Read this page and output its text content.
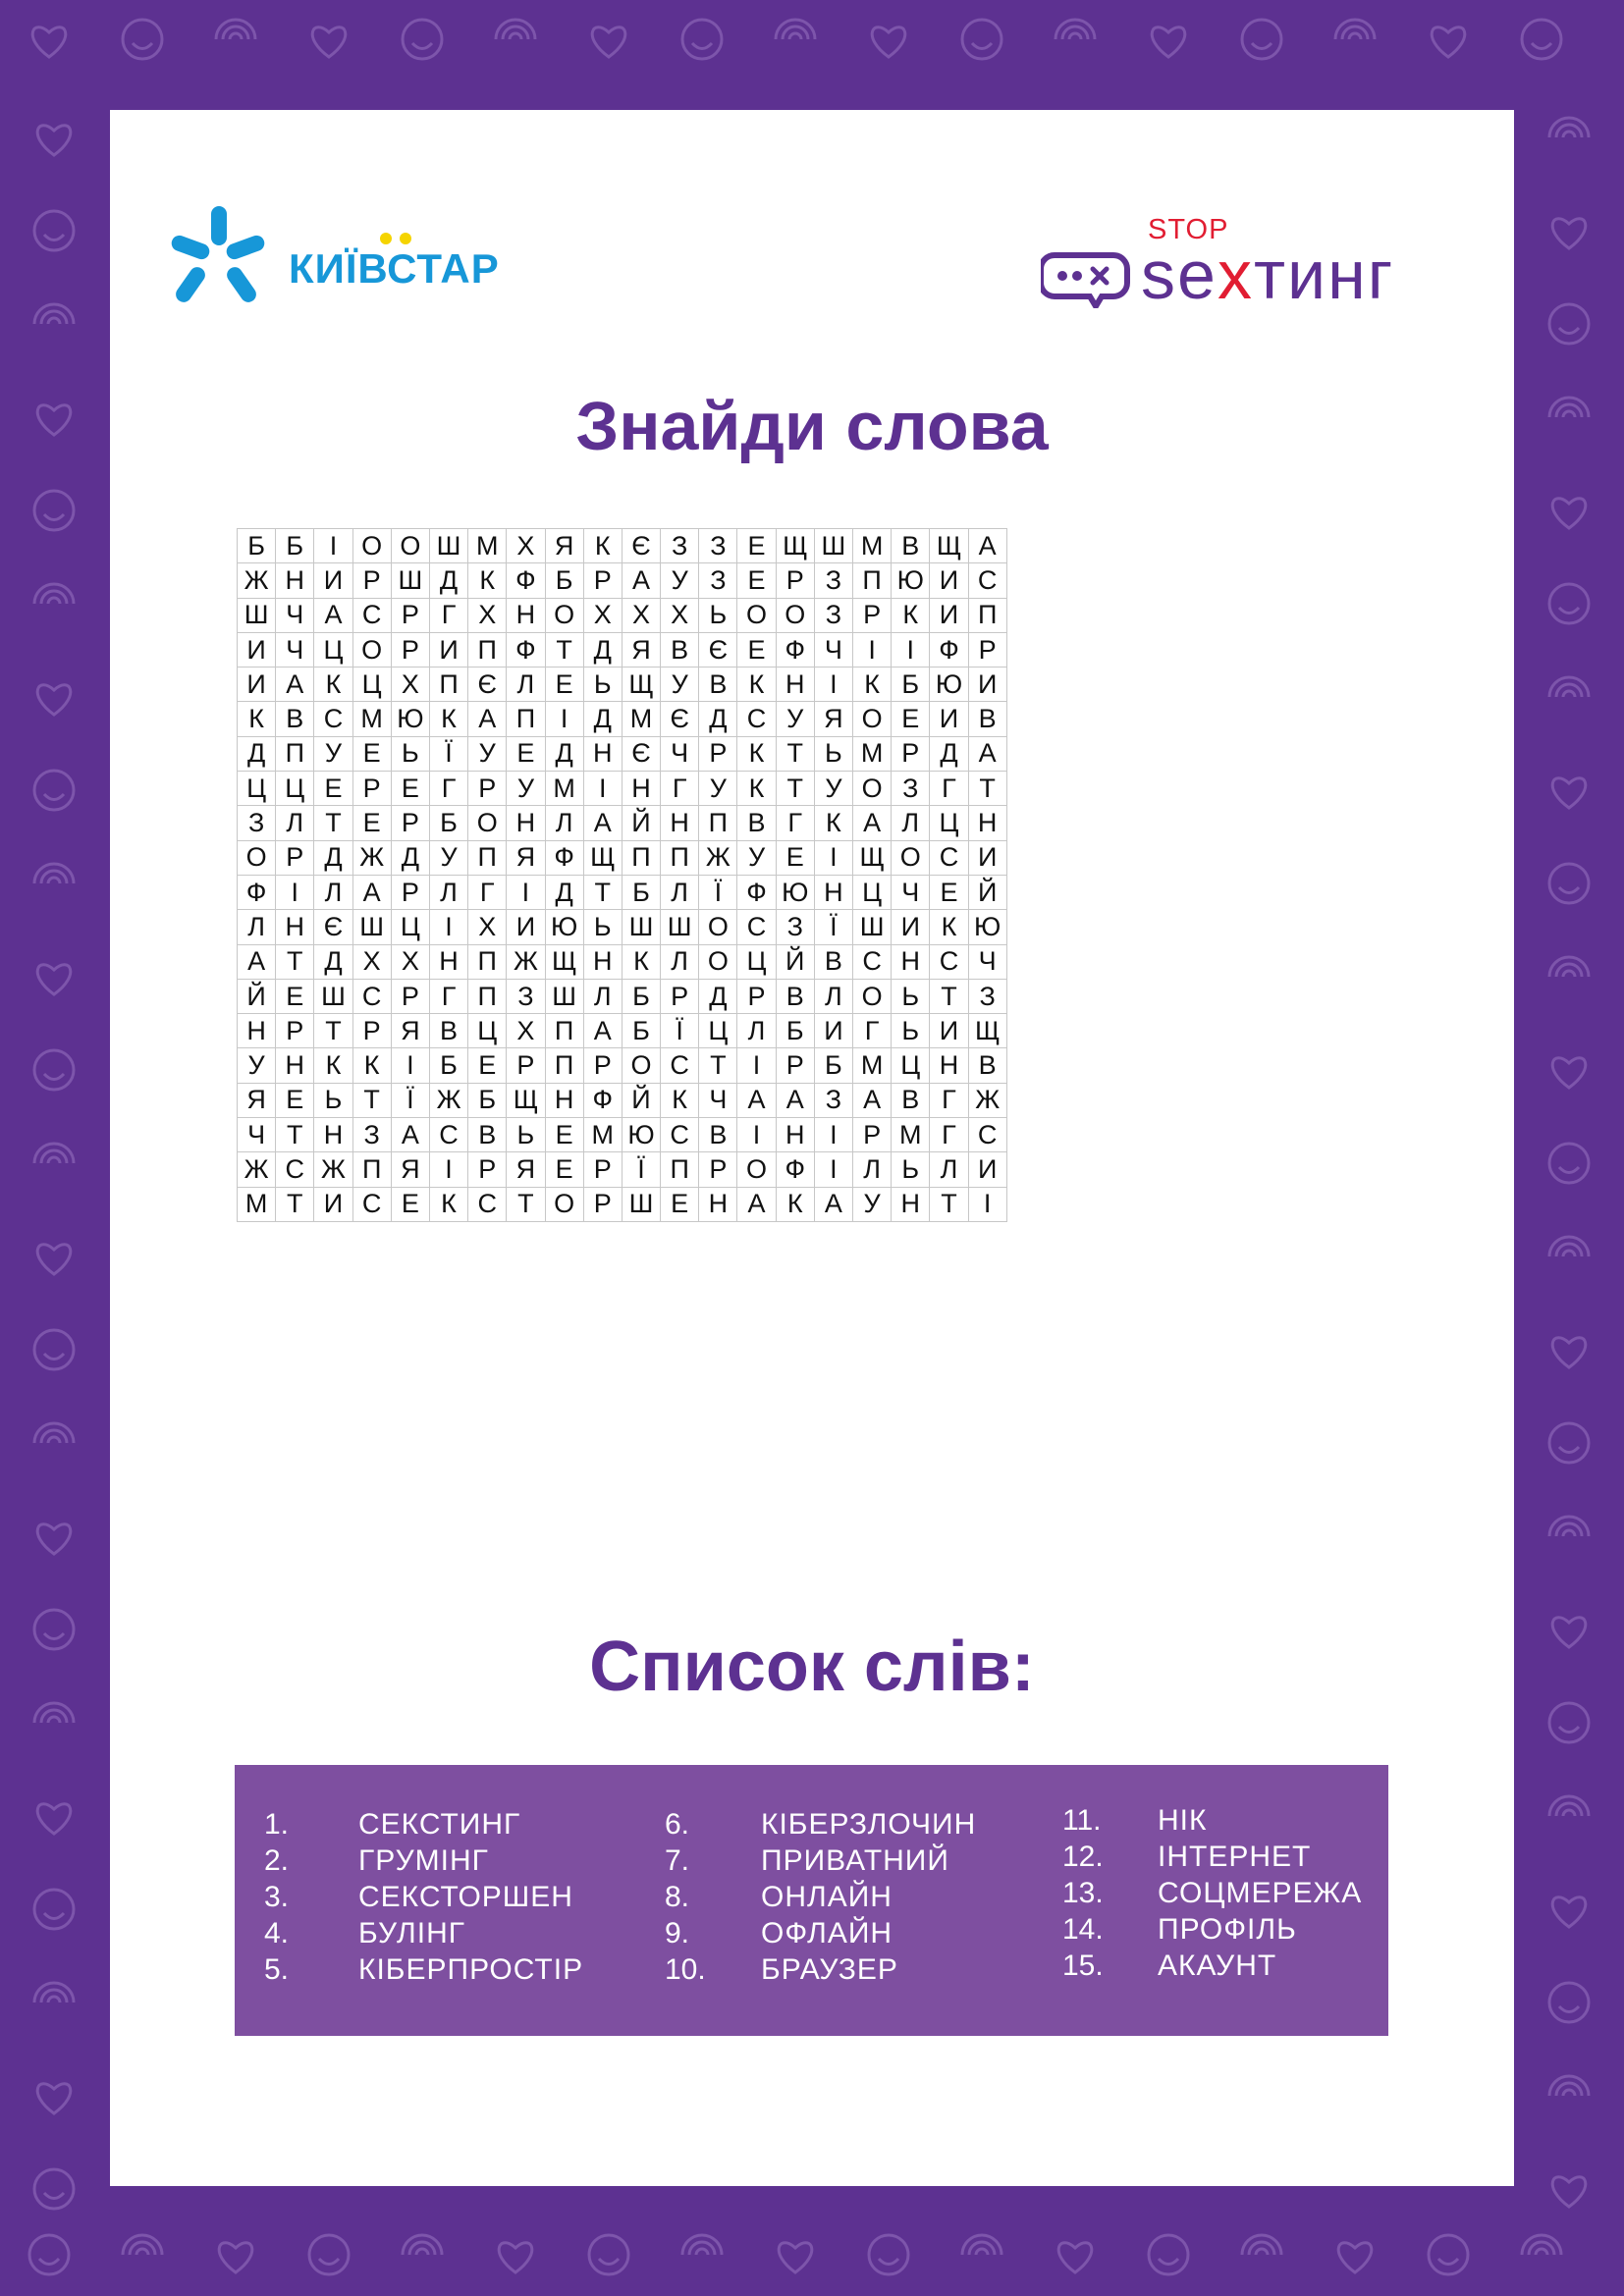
КИЇВСТАР
STOP
sexтинг
Знайди слова
Б	Б	І	О	О	Ш	М	Х	Я	К	Є	З	З	Е	Щ	Ш	М	В	Щ	А
Ж	Н	И	Р	Ш	Д	К	Ф	Б	Р	А	У	З	Е	Р	З	П	Ю	И	С
Ш	Ч	А	С	Р	Г	Х	Н	О	Х	Х	Х	Ь	О	О	З	Р	К	И	П
И	Ч	Ц	О	Р	И	П	Ф	Т	Д	Я	В	Є	Е	Ф	Ч	І	І	Ф	Р
И	А	К	Ц	Х	П	Є	Л	Е	Ь	Щ	У	В	К	Н	І	К	Б	Ю	И
К	В	С	М	Ю	К	А	П	І	Д	М	Є	Д	С	У	Я	О	Е	И	В
Д	П	У	Е	Ь	Ї	У	Е	Д	Н	Є	Ч	Р	К	Т	Ь	М	Р	Д	А
Ц	Ц	Е	Р	Е	Г	Р	У	М	І	Н	Г	У	К	Т	У	О	З	Г	Т
З	Л	Т	Е	Р	Б	О	Н	Л	А	Й	Н	П	В	Г	К	А	Л	Ц	Н
О	Р	Д	Ж	Д	У	П	Я	Ф	Щ	П	П	Ж	У	Е	І	Щ	О	С	И
Ф	І	Л	А	Р	Л	Г	І	Д	Т	Б	Л	Ї	Ф	Ю	Н	Ц	Ч	Е	Й
Л	Н	Є	Ш	Ц	І	Х	И	Ю	Ь	Ш	Ш	О	С	З	Ї	Ш	И	К	Ю
А	Т	Д	Х	Х	Н	П	Ж	Щ	Н	К	Л	О	Ц	Й	В	С	Н	С	Ч
Й	Е	Ш	С	Р	Г	П	З	Ш	Л	Б	Р	Д	Р	В	Л	О	Ь	Т	З
Н	Р	Т	Р	Я	В	Ц	Х	П	А	Б	Ї	Ц	Л	Б	И	Г	Ь	И	Щ
У	Н	К	К	І	Б	Е	Р	П	Р	О	С	Т	І	Р	Б	М	Ц	Н	В
Я	Е	Ь	Т	Ї	Ж	Б	Щ	Н	Ф	Й	К	Ч	А	А	З	А	В	Г	Ж
Ч	Т	Н	З	А	С	В	Ь	Е	М	Ю	С	В	І	Н	І	Р	М	Г	С
Ж	С	Ж	П	Я	І	Р	Я	Е	Р	Ї	П	Р	О	Ф	І	Л	Ь	Л	И
М	Т	И	С	Е	К	С	Т	О	Р	Ш	Е	Н	А	К	А	У	Н	Т	І
Список слів:
1. СЕКСТИНГ
2. ГРУМІНГ
3. СЕКСТОРШЕН
4. БУЛІНГ
5. КІБЕРПРОСТІР
6. КІБЕРЗЛОЧИН
7. ПРИВАТНИЙ
8. ОНЛАЙН
9. ОФЛАЙН
10. БРАУЗЕР
11. НІК
12. ІНТЕРНЕТ
13. СОЦМЕРЕЖА
14. ПРОФІЛЬ
15. АКАУНТ
